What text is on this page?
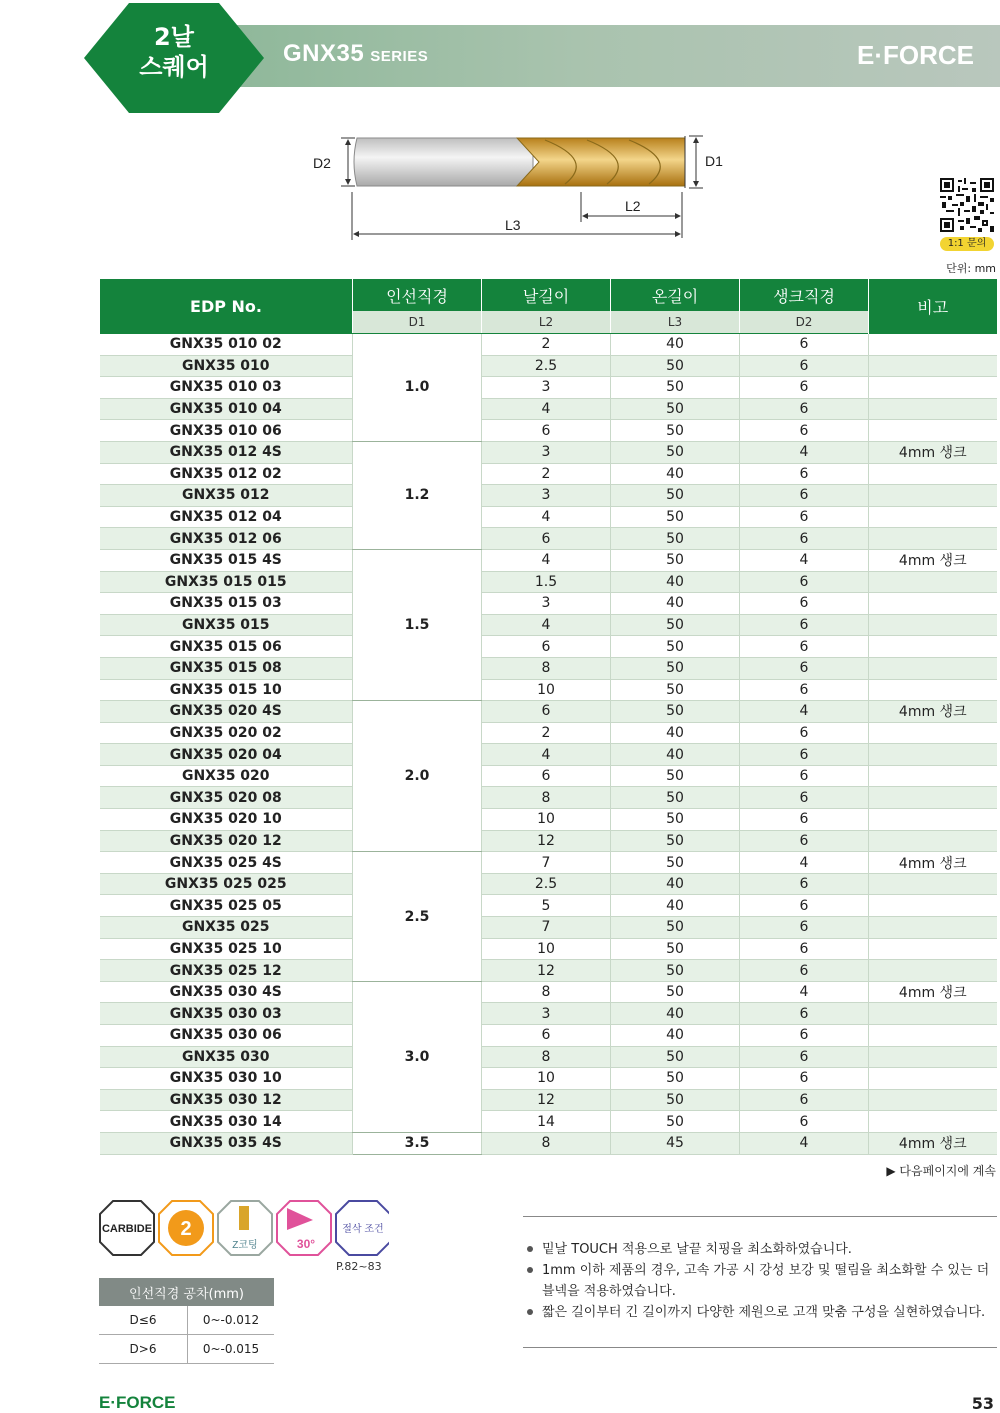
2날
스퀘어	GNX35 SERIES	E·FORCE
D2	D1
L2
L3
1:1 문의
단위: mm
EDP No.	인선직경	날길이	온길이	생크직경	비고
	D1	L2	L3	D2	
GNX35 010 02	1.0	2	40	6	
GNX35 010		2.5	50	6	
GNX35 010 03		3	50	6	
GNX35 010 04		4	50	6	
GNX35 010 06		6	50	6	
GNX35 012 4S	1.2	3	50	4	4mm 생크
GNX35 012 02		2	40	6	
GNX35 012		3	50	6	
GNX35 012 04		4	50	6	
GNX35 012 06		6	50	6	
GNX35 015 4S	1.5	4	50	4	4mm 생크
GNX35 015 015		1.5	40	6	
GNX35 015 03		3	40	6	
GNX35 015		4	50	6	
GNX35 015 06		6	50	6	
GNX35 015 08		8	50	6	
GNX35 015 10		10	50	6	
GNX35 020 4S	2.0	6	50	4	4mm 생크
GNX35 020 02		2	40	6	
GNX35 020 04		4	40	6	
GNX35 020		6	50	6	
GNX35 020 08		8	50	6	
GNX35 020 10		10	50	6	
GNX35 020 12		12	50	6	
GNX35 025 4S	2.5	7	50	4	4mm 생크
GNX35 025 025		2.5	40	6	
GNX35 025 05		5	40	6	
GNX35 025		7	50	6	
GNX35 025 10		10	50	6	
GNX35 025 12		12	50	6	
GNX35 030 4S	3.0	8	50	4	4mm 생크
GNX35 030 03		3	40	6	
GNX35 030 06		6	40	6	
GNX35 030		8	50	6	
GNX35 030 10		10	50	6	
GNX35 030 12		12	50	6	
GNX35 030 14		14	50	6	
GNX35 035 4S	3.5	8	45	4	4mm 생크
▶ 다음페이지에 계속
CARBIDE 2
Z코팅	30°
절삭 조건
P.82~83
인선직경 공차(mm)	
D≤6	0~-0.012
D>6	0~-0.015
밑날 TOUCH 적용으로 날끝 치핑을 최소화하였습니다.
1mm 이하 제품의 경우, 고속 가공 시 강성 보강 및 떨림을 최소화할 수 있는 더블넥을 적용하였습니다.
짧은 길이부터 긴 길이까지 다양한 제원으로 고객 맞춤 구성을 실현하였습니다.
E·FORCE	53
